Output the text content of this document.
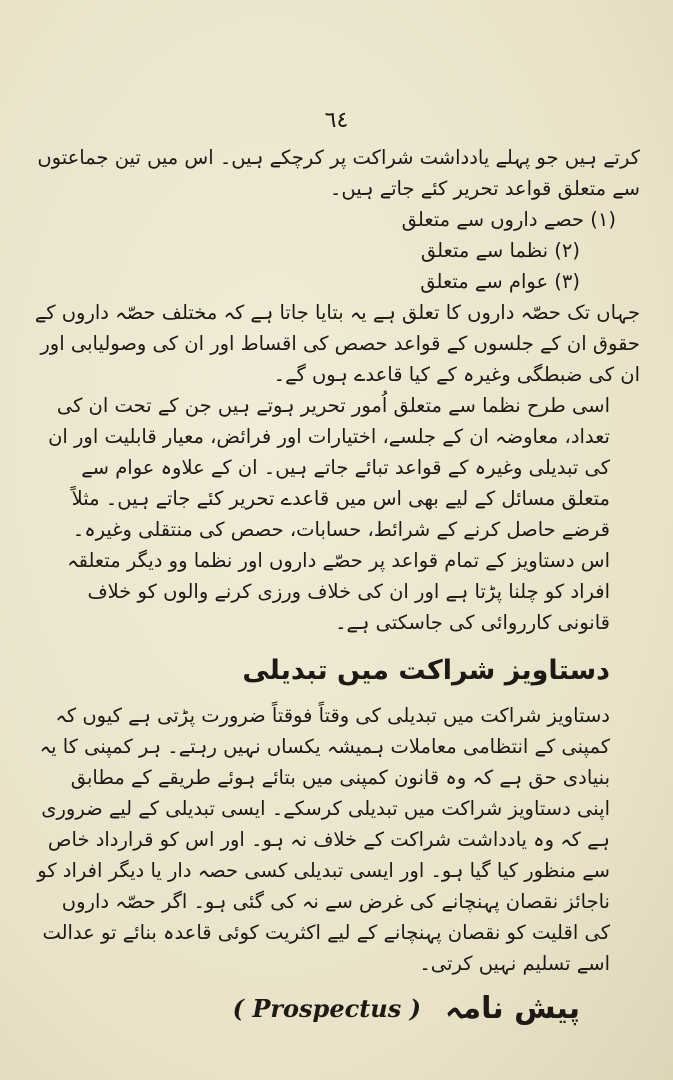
٦٤

کرتے ہیں جو پہلے یادداشت شراکت پر کرچکے ہیں۔ اس میں تین جماعتوں سے متعلق قواعد تحریر کئے جاتے ہیں۔

(۱) حصے داروں سے متعلق
(۲) نظما سے متعلق
(۳) عوام سے متعلق

جہاں تک حصّہ داروں کا تعلق ہے یہ بتایا جاتا ہے کہ مختلف حصّہ داروں کے حقوق ان کے جلسوں کے قواعد حصص کی اقساط اور ان کی وصولیابی اور ان کی ضبطگی وغیرہ کے کیا قاعدے ہوں گے۔

اسی طرح نظما سے متعلق اُمور تحریر ہوتے ہیں جن کے تحت ان کی تعداد، معاوضہ ان کے جلسے، اختیارات اور فرائض، معیار قابلیت اور ان کی تبدیلی وغیرہ کے قواعد تبائے جاتے ہیں۔ ان کے علاوہ عوام سے متعلق مسائل کے لیے بھی اس میں قاعدے تحریر کئے جاتے ہیں۔ مثلاً قرضے حاصل کرنے کے شرائط، حسابات، حصص کی منتقلی وغیرہ۔

اس دستاویز کے تمام قواعد پر حصّے داروں اور نظما وو دیگر متعلقہ افراد کو چلنا پڑتا ہے اور ان کی خلاف ورزی کرنے والوں کو خلاف قانونی کارروائی کی جاسکتی ہے۔

دستاویز شراکت میں تبدیلی

دستاویز شراکت میں تبدیلی کی وقتاً فوقتاً ضرورت پڑتی ہے کیوں کہ کمپنی کے انتظامی معاملات ہمیشہ یکساں نہیں رہتے۔ ہر کمپنی کا یہ بنیادی حق ہے کہ وہ قانون کمپنی میں بتائے ہوئے طریقے کے مطابق اپنی دستاویز شراکت میں تبدیلی کرسکے۔ ایسی تبدیلی کے لیے ضروری ہے کہ وہ یادداشت شراکت کے خلاف نہ ہو۔ اور اس کو قرارداد خاص سے منظور کیا گیا ہو۔ اور ایسی تبدیلی کسی حصہ دار یا دیگر افراد کو ناجائز نقصان پہنچانے کی غرض سے نہ کی گئی ہو۔ اگر حصّہ داروں کی اقلیت کو نقصان پہنچانے کے لیے اکثریت کوئی قاعدہ بنائے تو عدالت اسے تسلیم نہیں کرتی۔

پیش نامہ
( Prospectus )
